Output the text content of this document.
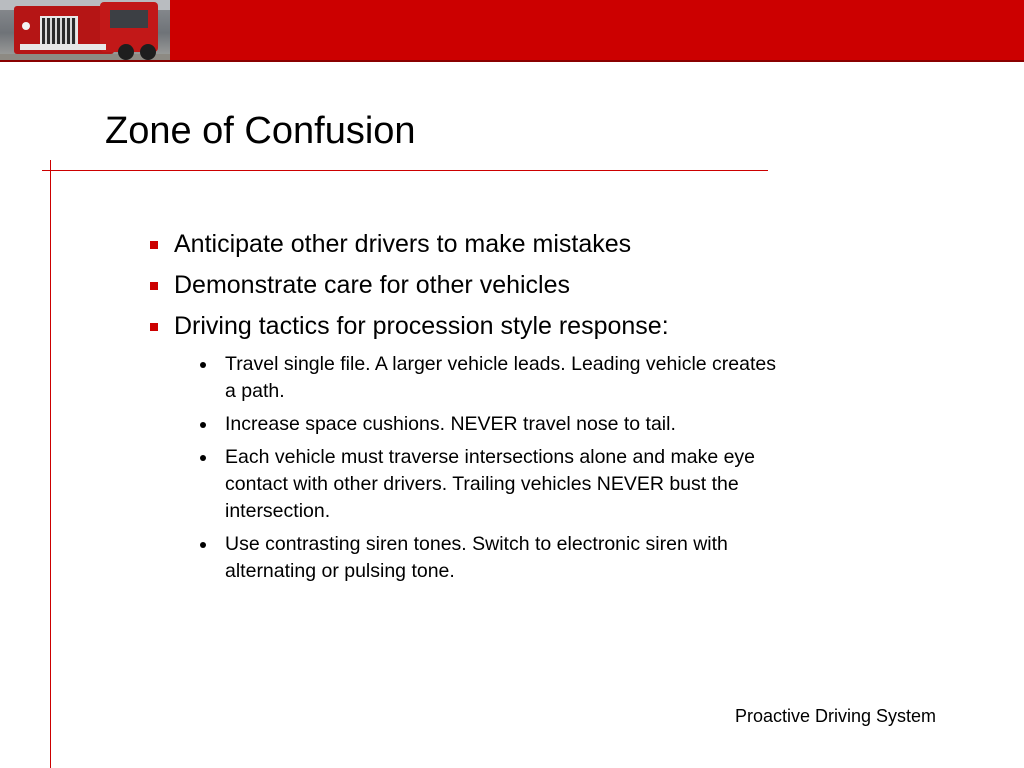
Zone of Confusion
Anticipate other drivers to make mistakes
Demonstrate care for other vehicles
Driving tactics for procession style response:
Travel single file. A larger vehicle leads. Leading vehicle creates a path.
Increase space cushions. NEVER travel nose to tail.
Each vehicle must traverse intersections alone and make eye contact with other drivers. Trailing vehicles NEVER bust the intersection.
Use contrasting siren tones. Switch to electronic siren with alternating or pulsing tone.
Proactive Driving System
